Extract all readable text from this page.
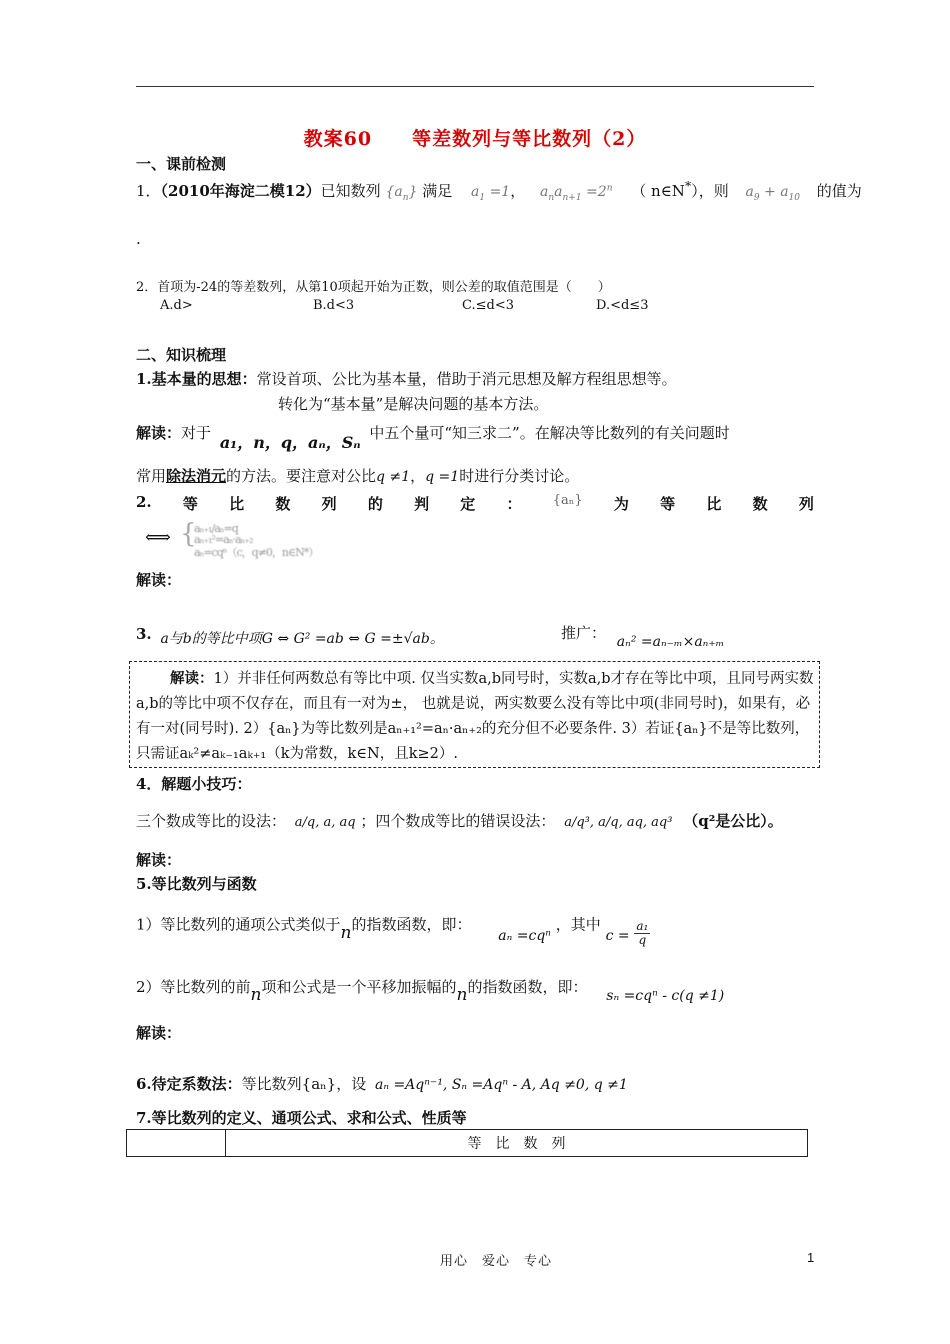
教案60　　等差数列与等比数列（2）
一、课前检测
1．（2010年海淀二模12）已知数列 $\{a_n\}$ 满足 $a_1 =1$， $a_na_{n+1} =2^n$ （ n∈N*），则 $a_9 + a_{10}$ 的值为
.
2．首项为-24的等差数列，从第10项起开始为正数，则公差的取值范围是（　　）
A.d>	B.d<3	C.≤d<3	D.<d≤3
二、知识梳理
1.基本量的思想：常设首项、公比为基本量，借助于消元思想及解方程组思想等。
转化为“基本量”是解决问题的基本方法。
解读：对于 a₁，n，q，aₙ，Sₙ 中五个量可“知三求二”。在解决等比数列的有关问题时
常用除法消元的方法。要注意对公比q ≠1，q =1时进行分类讨论。
2. 等 比 数 列 的 判 定 ： {aₙ} 为 等 比 数 列
⟺ {
aₙ₊₁/aₙ=q
aₙ₊₁²=aₙ·aₙ₊₂
aₙ=cqⁿ（c，q≠0，n∈N*）
解读：
3. a与b的等比中项G ⇔ G² =ab ⇔ G =±√ab。	推广： aₙ² =aₙ₋ₘ×aₙ₊ₘ
解读：1）并非任何两数总有等比中项. 仅当实数a,b同号时，实数a,b才存在等比中项，且同号两实数a,b的等比中项不仅存在，而且有一对为±， 也就是说，两实数要么没有等比中项(非同号时)，如果有，必有一对(同号时). 2）{aₙ}为等比数列是aₙ₊₁²=aₙ·aₙ₊₂的充分但不必要条件. 3）若证{aₙ}不是等比数列，只需证aₖ²≠aₖ₋₁aₖ₊₁（k为常数，k∈N，且k≥2）.
4．解题小技巧：
三个数成等比的设法： a/q, a, aq ；四个数成等比的错误设法： a/q³, a/q, aq, aq³ （q²是公比）。
解读：
5.等比数列与函数
1）等比数列的通项公式类似于n的指数函数，即： aₙ =cqⁿ ，其中 $c = \frac{\text{a₁}}{q}$
2）等比数列的前n项和公式是一个平移加振幅的n的指数函数，即： sₙ =cqⁿ - c(q ≠1)
解读：
6.待定系数法：等比数列{aₙ}，设 aₙ =Aqⁿ⁻¹, Sₙ =Aqⁿ - A, Aq ≠0, q ≠1
7.等比数列的定义、通项公式、求和公式、性质等
	等　比　数　列
用心　爱心　专心	1
